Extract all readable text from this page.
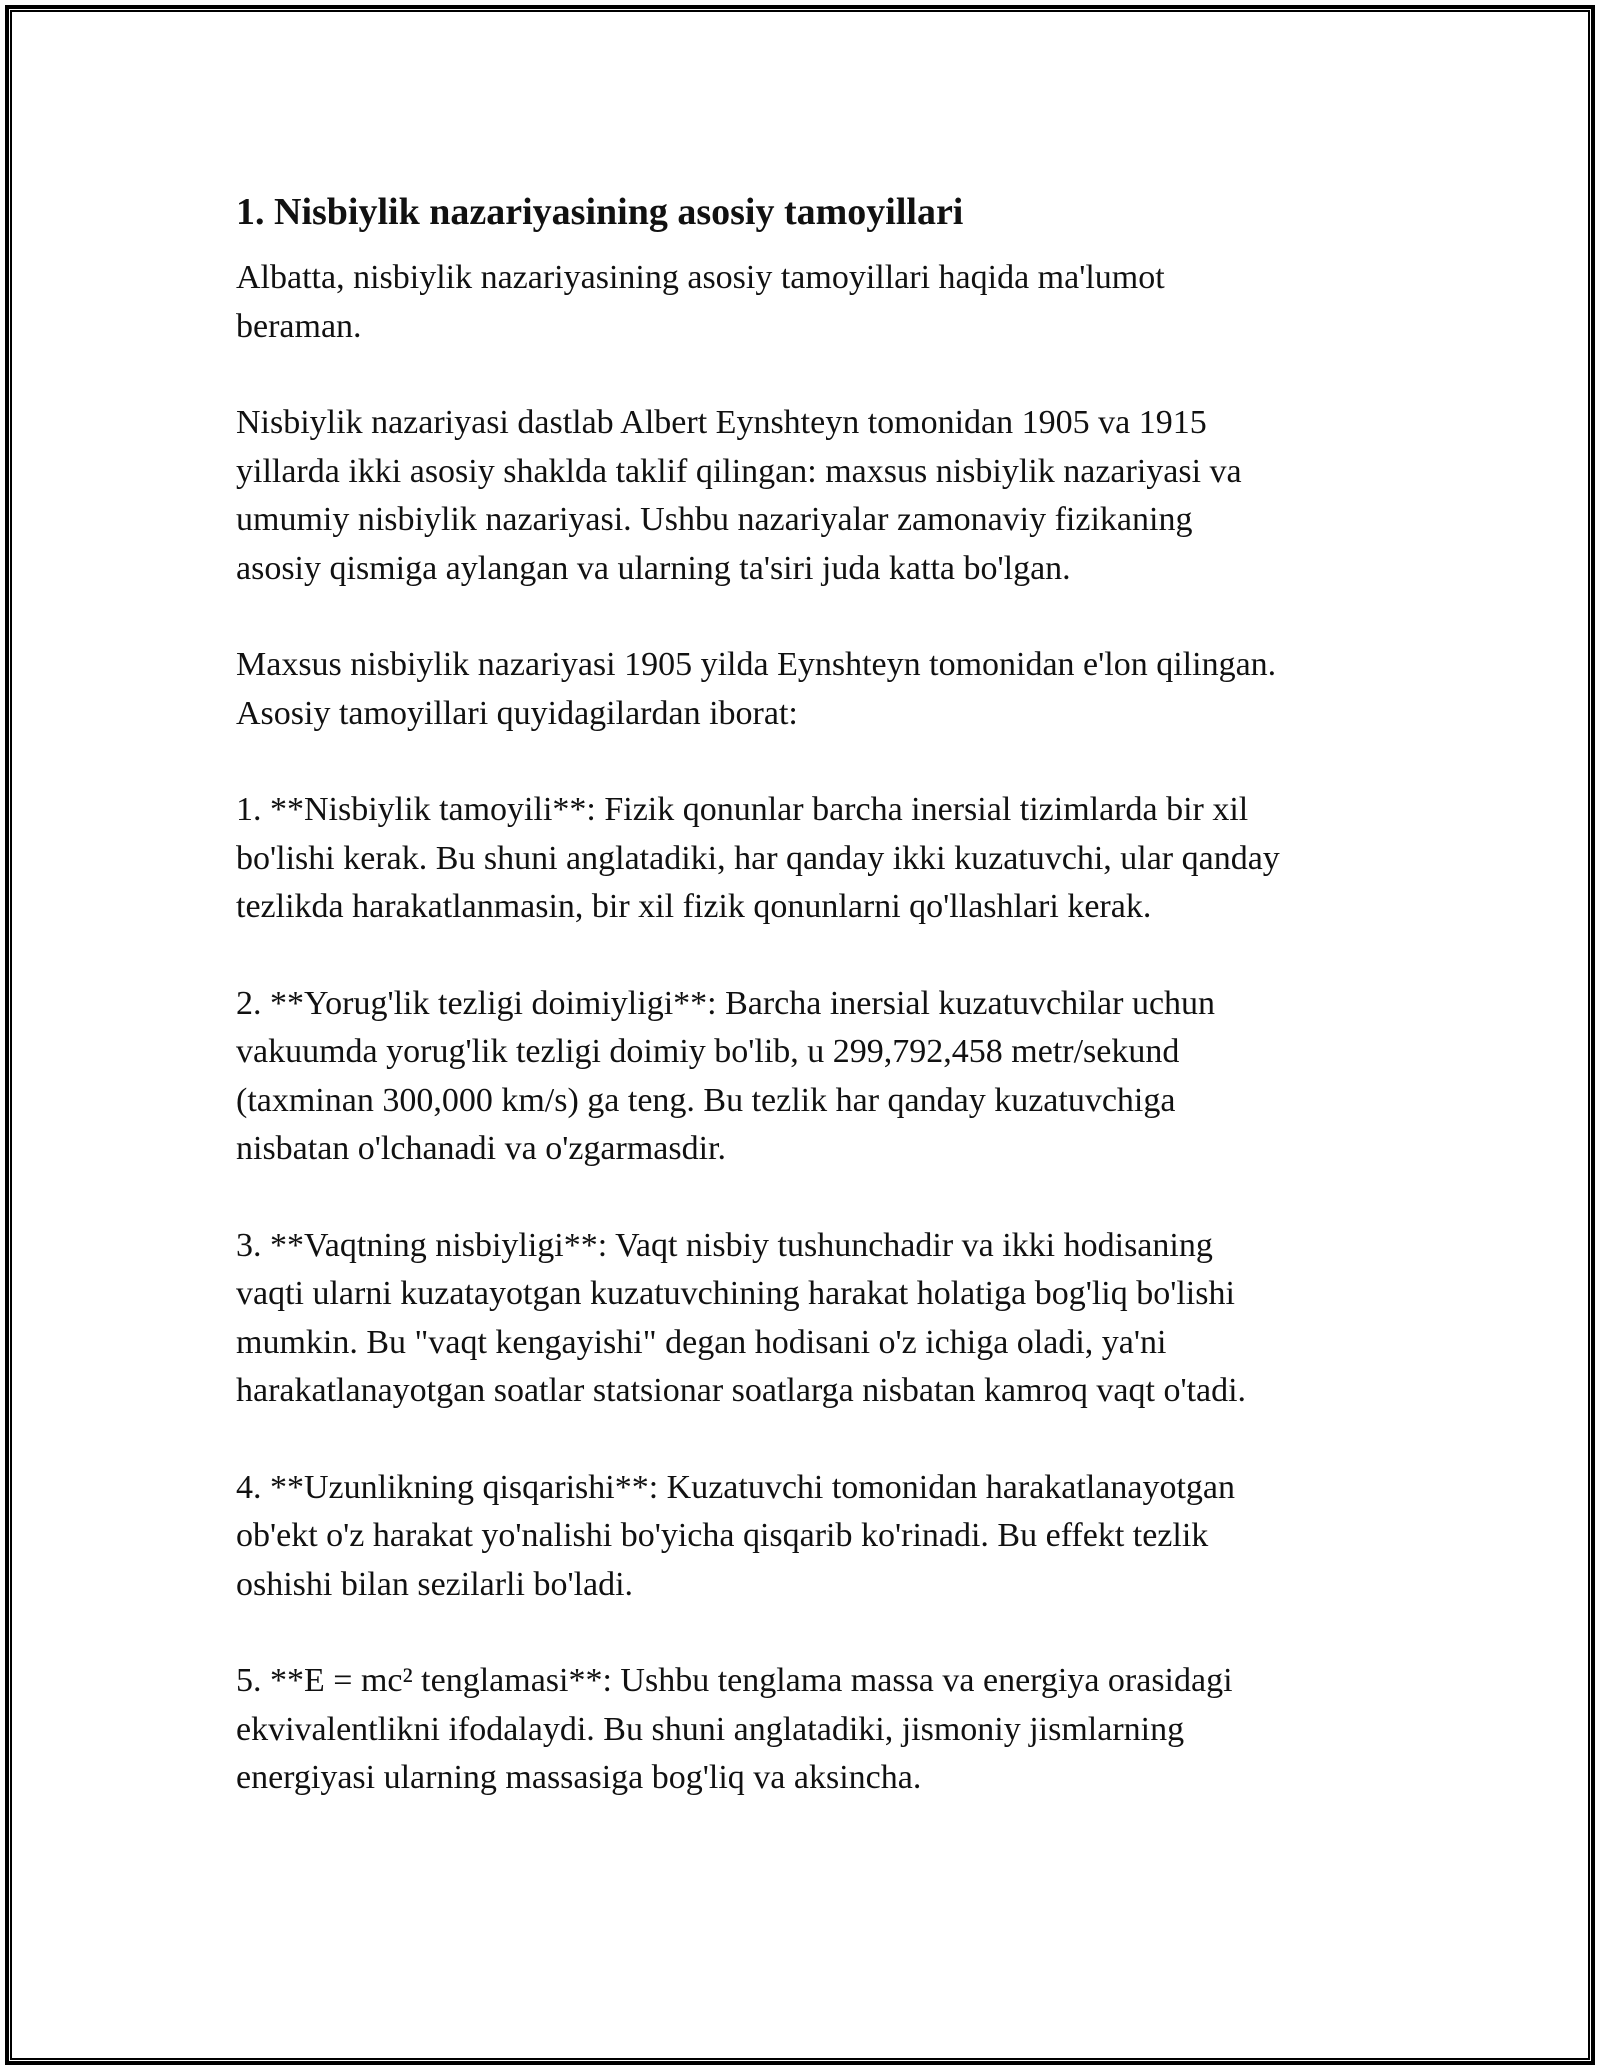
1. Nisbiylik nazariyasining asosiy tamoyillari

Albatta, nisbiylik nazariyasining asosiy tamoyillari haqida ma'lumot
beraman.

Nisbiylik nazariyasi dastlab Albert Eynshteyn tomonidan 1905 va 1915
yillarda ikki asosiy shaklda taklif qilingan: maxsus nisbiylik nazariyasi va
umumiy nisbiylik nazariyasi. Ushbu nazariyalar zamonaviy fizikaning
asosiy qismiga aylangan va ularning ta'siri juda katta bo'lgan.

Maxsus nisbiylik nazariyasi 1905 yilda Eynshteyn tomonidan e'lon qilingan.
Asosiy tamoyillari quyidagilardan iborat:

1. **Nisbiylik tamoyili**: Fizik qonunlar barcha inersial tizimlarda bir xil
bo'lishi kerak. Bu shuni anglatadiki, har qanday ikki kuzatuvchi, ular qanday
tezlikda harakatlanmasin, bir xil fizik qonunlarni qo'llashlari kerak.

2. **Yorug'lik tezligi doimiyligi**: Barcha inersial kuzatuvchilar uchun
vakuumda yorug'lik tezligi doimiy bo'lib, u 299,792,458 metr/sekund
(taxminan 300,000 km/s) ga teng. Bu tezlik har qanday kuzatuvchiga
nisbatan o'lchanadi va o'zgarmasdir.

3. **Vaqtning nisbiyligi**: Vaqt nisbiy tushunchadir va ikki hodisaning
vaqti ularni kuzatayotgan kuzatuvchining harakat holatiga bog'liq bo'lishi
mumkin. Bu "vaqt kengayishi" degan hodisani o'z ichiga oladi, ya'ni
harakatlanayotgan soatlar statsionar soatlarga nisbatan kamroq vaqt o'tadi.

4. **Uzunlikning qisqarishi**: Kuzatuvchi tomonidan harakatlanayotgan
ob'ekt o'z harakat yo'nalishi bo'yicha qisqarib ko'rinadi. Bu effekt tezlik
oshishi bilan sezilarli bo'ladi.

5. **E = mc² tenglamasi**: Ushbu tenglama massa va energiya orasidagi
ekvivalentlikni ifodalaydi. Bu shuni anglatadiki, jismoniy jismlarning
energiyasi ularning massasiga bog'liq va aksincha.
